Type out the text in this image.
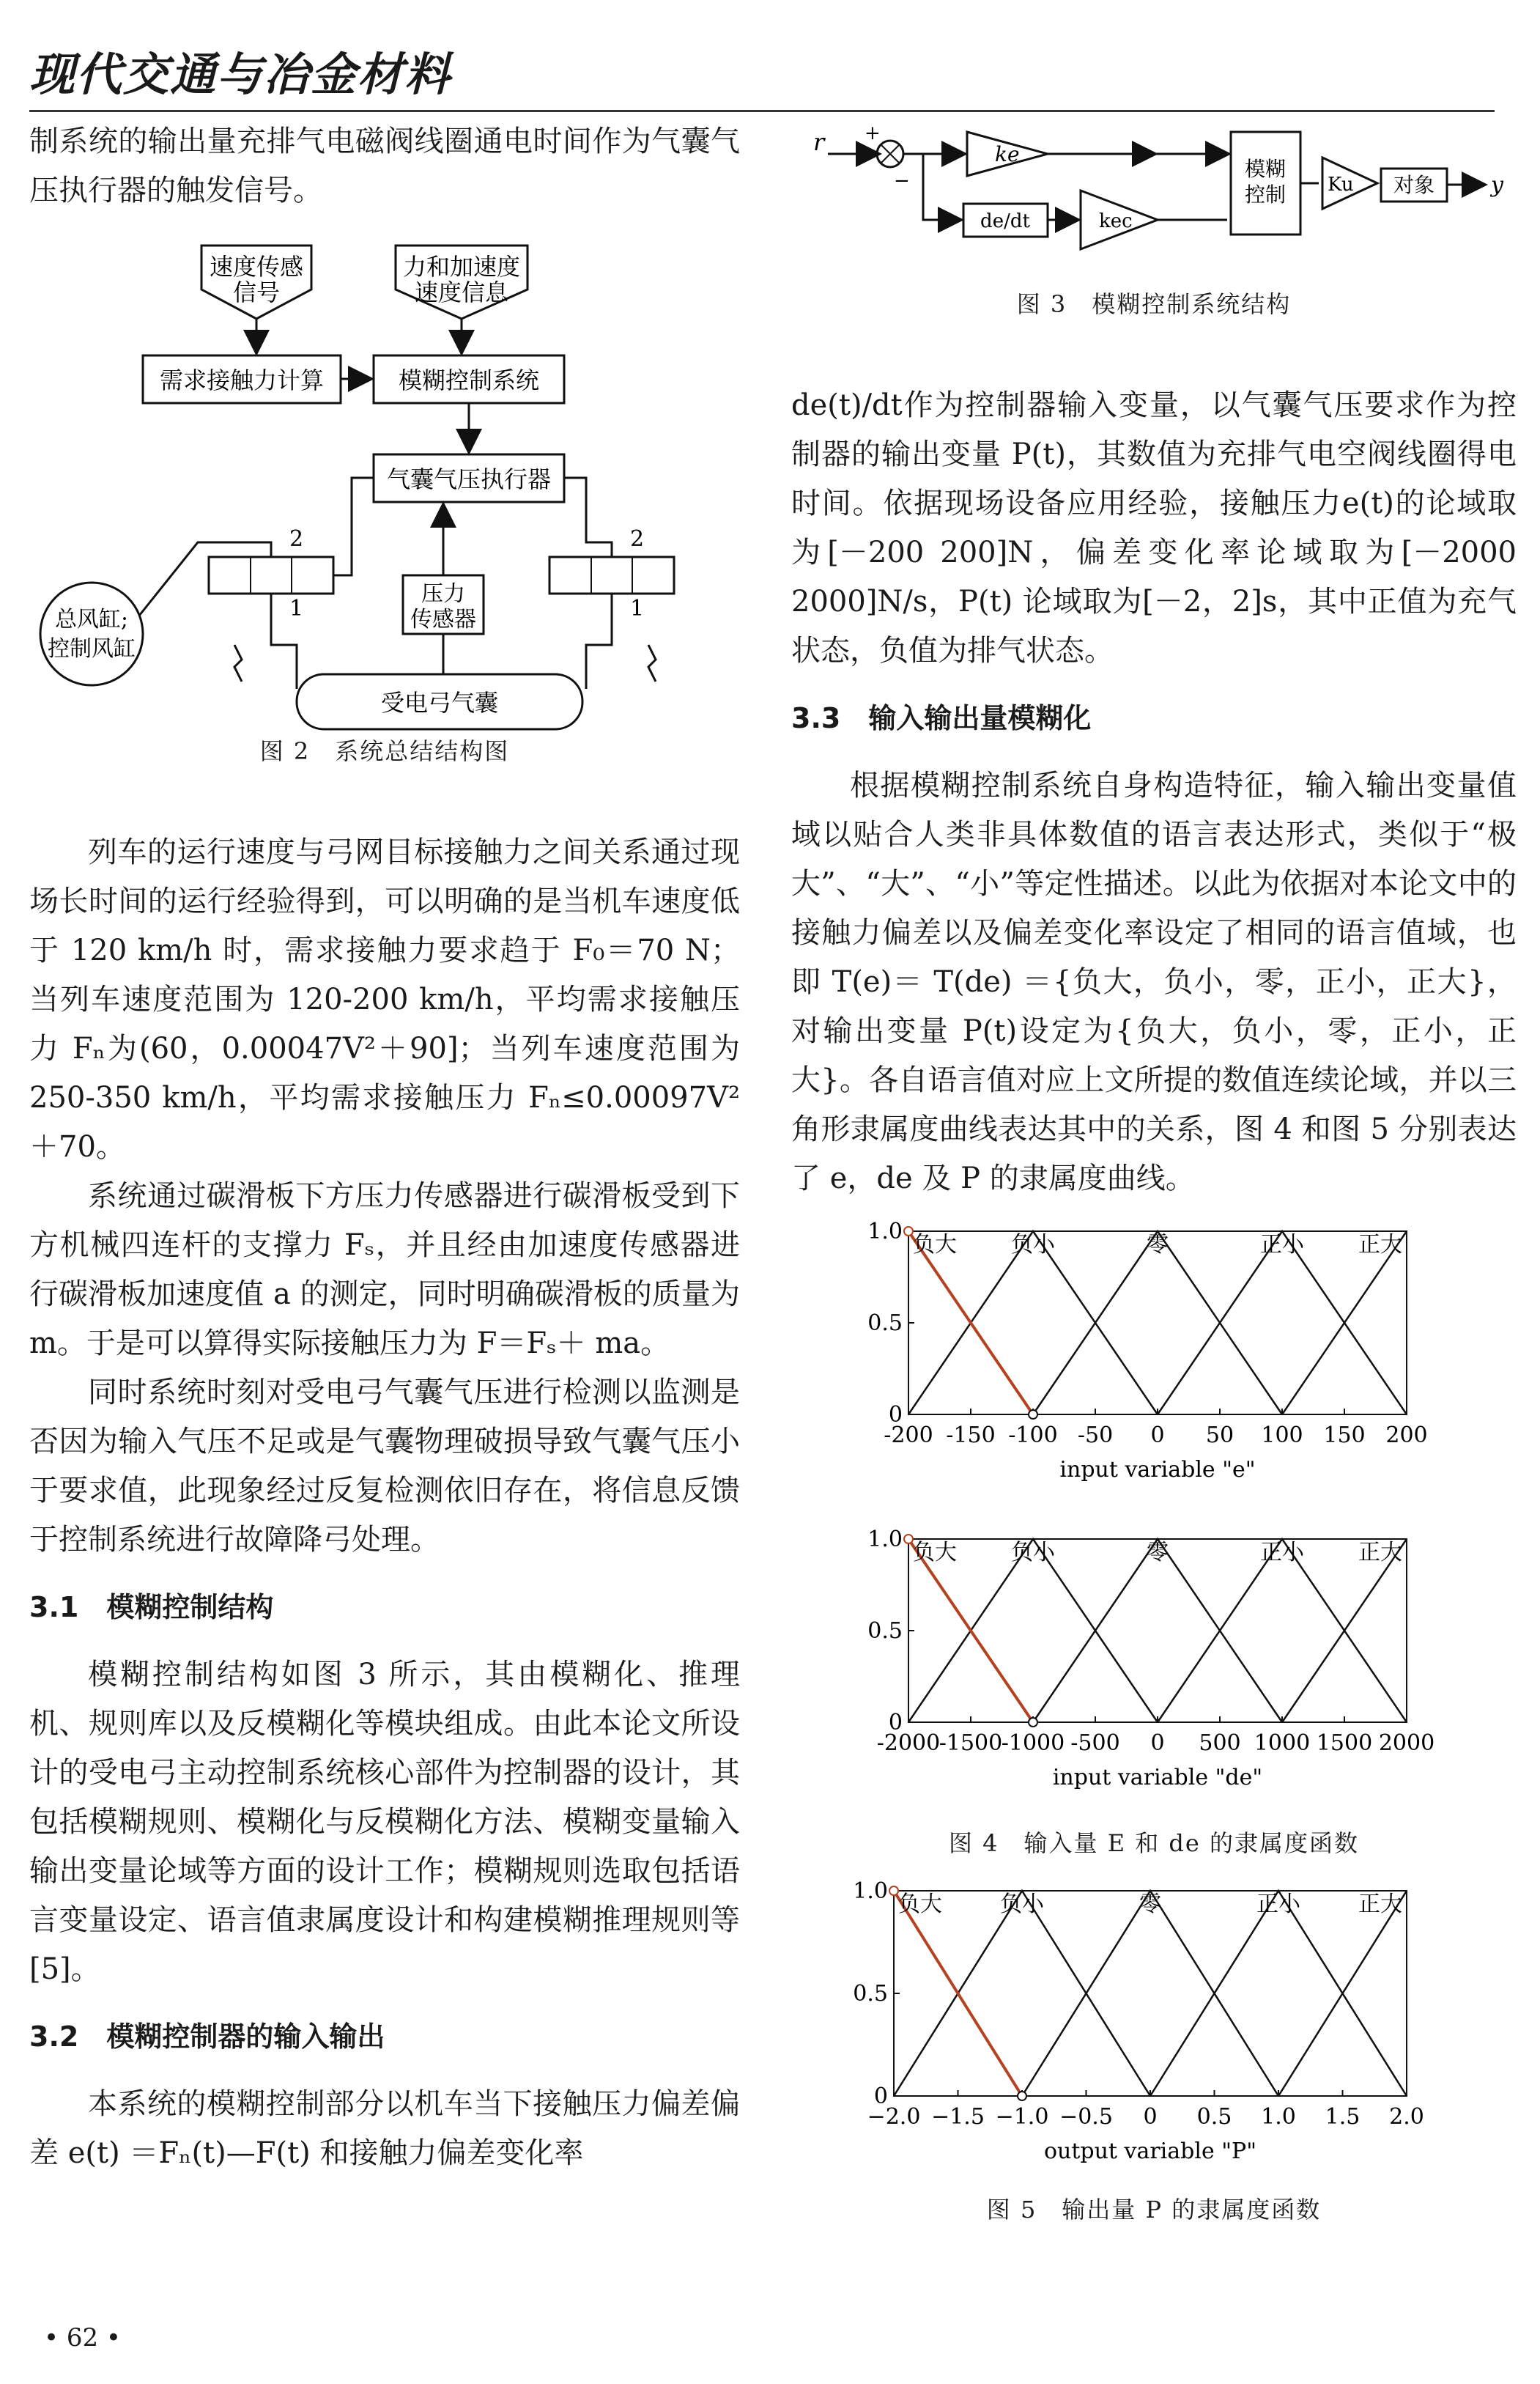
现代交通与冶金材料

制系统的输出量充排气电磁阀线圈通电时间作为气囊气压执行器的触发信号。

速度传感
信号
力和加速度
速度信息
需求接触力计算	模糊控制系统
气囊气压执行器
2
1
2
1
压力
传感器
总风缸;
控制风缸
受电弓气囊
图 2　系统总结结构图

列车的运行速度与弓网目标接触力之间关系通过现场长时间的运行经验得到，可以明确的是当机车速度低于 120 km/h 时，需求接触力要求趋于 F₀＝70 N；当列车速度范围为 120-200 km/h，平均需求接触压力 Fₙ为(60，0.00047V²＋90]；当列车速度范围为 250-350 km/h，平均需求接触压力 Fₙ≤0.00097V²＋70。

系统通过碳滑板下方压力传感器进行碳滑板受到下方机械四连杆的支撑力 Fₛ，并且经由加速度传感器进行碳滑板加速度值 a 的测定，同时明确碳滑板的质量为 m。于是可以算得实际接触压力为 F＝Fₛ＋ ma。

同时系统时刻对受电弓气囊气压进行检测以监测是否因为输入气压不足或是气囊物理破损导致气囊气压小于要求值，此现象经过反复检测依旧存在，将信息反馈于控制系统进行故障降弓处理。

3.1　模糊控制结构

模糊控制结构如图 3 所示，其由模糊化、推理机、规则库以及反模糊化等模块组成。由此本论文所设计的受电弓主动控制系统核心部件为控制器的设计，其包括模糊规则、模糊化与反模糊化方法、模糊变量输入输出变量论域等方面的设计工作；模糊规则选取包括语言变量设定、语言值隶属度设计和构建模糊推理规则等[5]。

3.2　模糊控制器的输入输出

本系统的模糊控制部分以机车当下接触压力偏差偏差 e(t) ＝Fₙ(t)—F(t) 和接触力偏差变化率

r +
−
ke
de/dt	kec
模糊
控制 Ku 对象	y
图 3　模糊控制系统结构

de(t)/dt作为控制器输入变量，以气囊气压要求作为控制器的输出变量 P(t)，其数值为充排气电空阀线圈得电时间。依据现场设备应用经验，接触压力e(t)的论域取为[－200 200]N，偏差变化率论域取为[－2000 2000]N/s，P(t) 论域取为[－2，2]s，其中正值为充气状态，负值为排气状态。

3.3　输入输出量模糊化

根据模糊控制系统自身构造特征，输入输出变量值域以贴合人类非具体数值的语言表达形式，类似于“极大”、“大”、“小”等定性描述。以此为依据对本论文中的接触力偏差以及偏差变化率设定了相同的语言值域，也即 T(e)＝ T(de) ＝{负大，负小，零，正小，正大}，对输出变量 P(t)设定为{负大，负小，零，正小，正大}。各自语言值对应上文所提的数值连续论域，并以三角形隶属度曲线表达其中的关系，图 4 和图 5 分别表达了 e，de 及 P 的隶属度曲线。

-200 -150 -100 -50 0 50 100 150 200
0
0.5
1.0
input variable "e"
负大 负小	零	正小 正大
-2000
-1500
-1000 -500 0 500 1000 1500 2000
0
0.5
1.0
input variable "de"
负大 负小	零	正小 正大
图 4　输入量 E 和 de 的隶属度函数
−2.0 −1.5 −1.0 −0.5 0 0.5 1.0 1.5 2.0
0
0.5
1.0
output variable "P"
负大	负小	零	正小	正大
图 5　输出量 P 的隶属度函数
• 62 •
